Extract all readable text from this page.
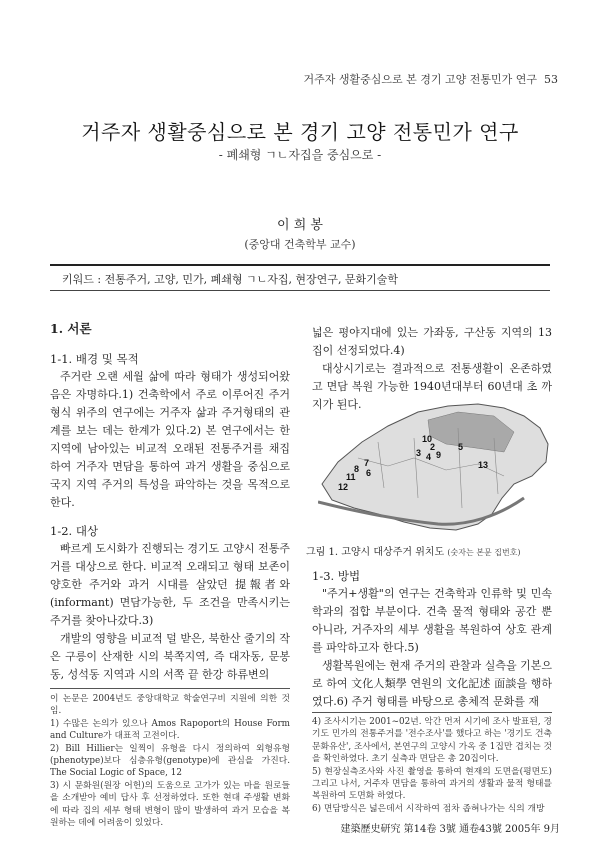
거주자 생활중심으로 본 경기 고양 전통민가 연구 53
거주자 생활중심으로 본 경기 고양 전통민가 연구
- 폐쇄형 ㄱㄴ자집을 중심으로 -
이 희 봉
(중앙대 건축학부 교수)
키워드 : 전통주거, 고양, 민가, 폐쇄형 ㄱㄴ자집, 현장연구, 문화기술학

1. 서론

1-1. 배경 및 목적

주거란 오랜 세월 삶에 따라 형태가 생성되어왔음은 자명하다.1) 건축학에서 주로 이루어진 주거형식 위주의 연구에는 거주자 삶과 주거형태의 관계를 보는 데는 한계가 있다.2) 본 연구에서는 한 지역에 남아있는 비교적 오래된 전통주거를 채집하여 거주자 면담을 통하여 과거 생활을 중심으로 국지 지역 주거의 특성을 파악하는 것을 목적으로 한다.

1-2. 대상

빠르게 도시화가 진행되는 경기도 고양시 전통주거를 대상으로 한다. 비교적 오래되고 형태 보존이 양호한 주거와 과거 시대를 살았던 提報者와(informant) 면담가능한, 두 조건을 만족시키는 주거를 찾아나갔다.3)

개발의 영향을 비교적 덜 받은, 북한산 줄기의 작은 구릉이 산재한 시의 북쪽지역, 즉 대자동, 문봉동, 성석동 지역과 시의 서쪽 끝 한강 하류변의

넓은 평야지대에 있는 가좌동, 구산동 지역의 13집이 선정되었다.4)

대상시기로는 결과적으로 전통생활이 온존하였고 면담 복원 가능한 1940년대부터 60년대 초 까지가 된다.

10
2
3 4 9
5
7
8
11 6
12
13
그림 1. 고양시 대상주거 위치도 (숫자는 본문 집번호)

1-3. 방법

"주거+생활"의 연구는 건축학과 인류학 및 민속학과의 접합 부분이다. 건축 물적 형태와 공간 뿐 아니라, 거주자의 세부 생활을 복원하여 상호 관계를 파악하고자 한다.5)

생활복원에는 현재 주거의 관찰과 실측을 기본으로 하여 文化人類學 연원의 文化記述 面談을 행하였다.6) 주거 형태를 바탕으로 총체적 문화를 재

이 논문은 2004년도 중앙대학교 학술연구비 지원에 의한 것임.

1) 수많은 논의가 있으나 Amos Rapoport의 House Form and Culture가 대표적 고전이다.

2) Bill Hillier는 일찍이 유형을 다시 정의하여 외형유형(phenotype)보다 심층유형(genotype)에 관심을 가진다. The Social Logic of Space, 12

3) 시 문화원(원장 어헌)의 도움으로 고가가 있는 마을 원로들을 소개받아 예비 답사 후 선정하였다. 또한 현대 주생활 변화에 따라 집의 세부 형태 변형이 많이 발생하여 과거 모습을 복원하는 데에 어려움이 있었다.

4) 조사시기는 2001~02년. 악간 먼저 시기에 조사 발표된, 경기도 민가의 전통주거를 '전수조사'를 했다고 하는 '경기도 건축문화유산', 조사에서, 본연구의 고양시 가옥 중 1집만 겹치는 것을 확인하였다. 초기 실측과 면담은 총 20집이다.

5) 현장실측조사와 사진 촬영을 통하여 현재의 도면을(평면도) 그리고 나서, 거주자 면담을 통하여 과거의 생활과 물적 형태를 복원하여 도면화 하였다.

6) 면담방식은 넓은데서 시작하여 점차 좁혀나가는 식의 개방

建築歷史研究 第14卷 3號 通卷43號 2005年 9月
